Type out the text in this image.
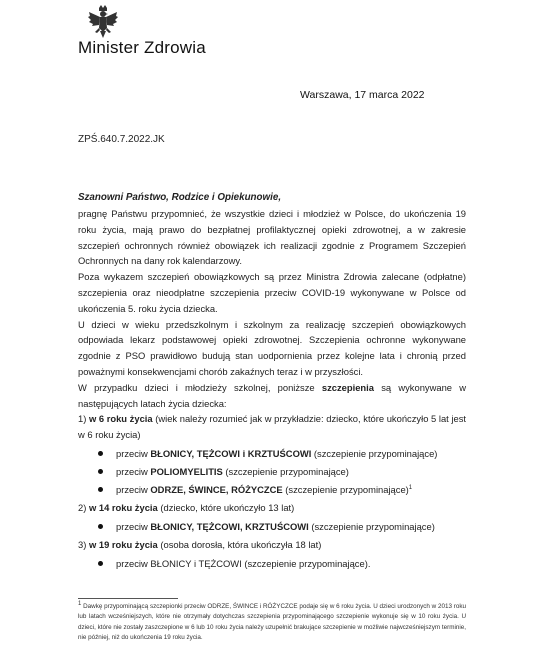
Minister Zdrowia
Warszawa, 17 marca 2022
ZPŚ.640.7.2022.JK

Szanowni Państwo, Rodzice i Opiekunowie,

pragnę Państwu przypomnieć, że wszystkie dzieci i młodzież w Polsce, do ukończenia 19 roku życia, mają prawo do bezpłatnej profilaktycznej opieki zdrowotnej, a w zakresie szczepień ochronnych również obowiązek ich realizacji zgodnie z Programem Szczepień Ochronnych na dany rok kalendarzowy.

Poza wykazem szczepień obowiązkowych są przez Ministra Zdrowia zalecane (odpłatne) szczepienia oraz nieodpłatne szczepienia przeciw COVID-19 wykonywane w Polsce od ukończenia 5. roku życia dziecka.

U dzieci w wieku przedszkolnym i szkolnym za realizację szczepień obowiązkowych odpowiada lekarz podstawowej opieki zdrowotnej. Szczepienia ochronne wykonywane zgodnie z PSO prawidłowo budują stan uodpornienia przez kolejne lata i chronią przed poważnymi konsekwencjami chorób zakaźnych teraz i w przyszłości.

W przypadku dzieci i młodzieży szkolnej, poniższe szczepienia są wykonywane w następujących latach życia dziecka:

1) w 6 roku życia (wiek należy rozumieć jak w przykładzie: dziecko, które ukończyło 5 lat jest w 6 roku życia)

przeciw BŁONICY, TĘŻCOWI i KRZTUŚCOWI (szczepienie przypominające)
przeciw POLIOMYELITIS (szczepienie przypominające)
przeciw ODRZE, ŚWINCE, RÓŻYCZCE (szczepienie przypominające)$^1$

2) w 14 roku życia (dziecko, które ukończyło 13 lat)

przeciw BŁONICY, TĘŻCOWI, KRZTUŚCOWI (szczepienie przypominające)

3) w 19 roku życia (osoba dorosła, która ukończyła 18 lat)

przeciw BŁONICY i TĘŻCOWI (szczepienie przypominające).
1 Dawkę przypominającą szczepionki przeciw ODRZE, ŚWINCE i RÓŻYCZCE podaje się w 6 roku życia. U dzieci urodzonych w 2013 roku lub latach wcześniejszych, które nie otrzymały dotychczas szczepienia przypominającego szczepienie wykonuje się w 10 roku życia. U dzieci, które nie zostały zaszczepione w 6 lub 10 roku życia należy uzupełnić brakujące szczepienie w możliwie najwcześniejszym terminie, nie później, niż do ukończenia 19 roku życia.
